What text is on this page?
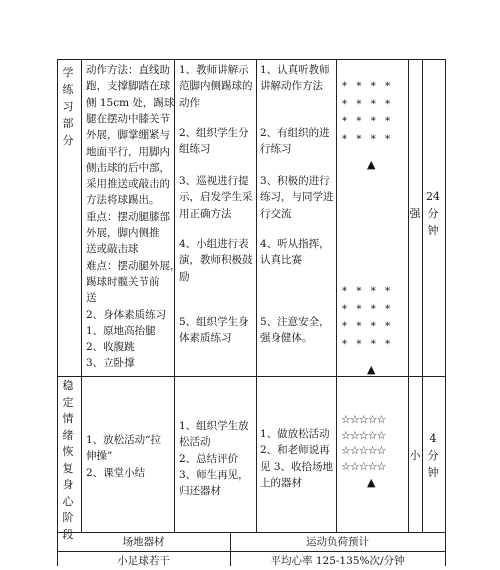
学练习部分
动作方法：直线助
跑，支撑脚踏在球
侧 15cm 处，踢球
腿在摆动中膝关节
外展，脚掌绷紧与
地面平行，用脚内
侧击球的后中部，
采用推送或敲击的
方法将球踢出。
重点：摆动腿膝部
外展，脚内侧推
送或敲击球
难点：摆动腿外展，
踢球时髋关节前
送
2、身体素质练习
1、原地高抬腿
2、收腹跳
3、立卧撑
1、教师讲解示
范脚内侧踢球的
动作
2、组织学生分
组练习
3、巡视进行提
示，启发学生采
用正确方法
4、小组进行表
演，教师积极鼓
励
5、组织学生身
体素质练习
1、认真听教师
讲解动作方法
2、有组织的进
行练习
3、积极的进行
练习，与同学进
行交流
4、听从指挥，
认真比赛
5、注意安全，
强身健体。
*  *  *  *
*  *  *  *
*  *  *  *
*  *  *  *
▲
*  *  *  *
*  *  *  *
*  *  *  *
*  *  *  *
▲
强
24分钟
稳定情绪恢复身心阶段
1、放松活动“拉
伸操”
2、课堂小结
1、组织学生放
松活动
2、总结评价
3、师生再见，
归还器材
1、做放松活动
2、和老师说再
见 3、收拾场地
上的器材
☆☆☆☆☆
☆☆☆☆☆
☆☆☆☆☆
☆☆☆☆☆
▲
小
4分钟
场地器材	运动负荷预计
小足球若干	平均心率 125-135%次/分钟
